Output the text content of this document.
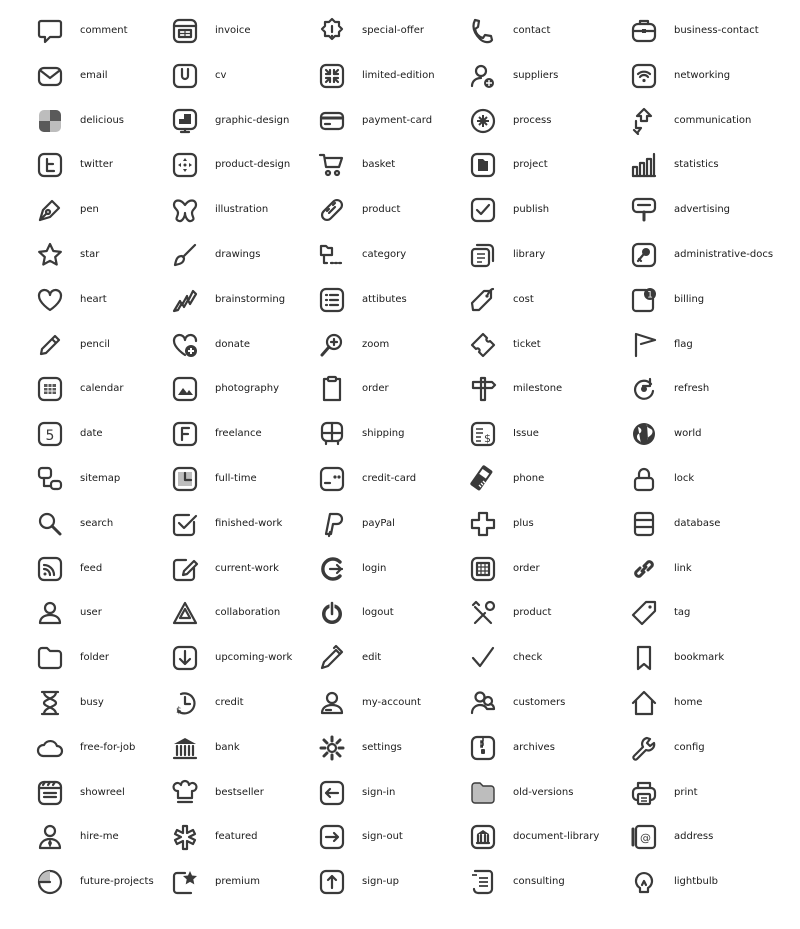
comment
email
delicious
twitter
pen
star
heart
pencil
calendar
5	date
sitemap
search
feed
user
folder
busy
free-for-job
showreel
hire-me
future-projects
invoice
cv
graphic-design
product-design
illustration
drawings
brainstorming
donate
photography
freelance
full-time
finished-work
current-work
collaboration
upcoming-work
$
credit
bank
bestseller
featured
premium
special-offer
limited-edition
payment-card
basket
product
category
attibutes
zoom
order
shipping
credit-card
payPal
login
logout
edit
my-account
settings
sign-in
sign-out
sign-up
contact
suppliers
process
project
publish
library
cost
ticket
milestone
$ Issue
phone
plus
order
product
check
customers
archives
old-versions
document-library
consulting
business-contact
networking
communication
statistics
advertising
administrative-docs
1 billing
flag
refresh
world
lock
database
link
tag
bookmark
home
config
print
@ address
lightbulb
